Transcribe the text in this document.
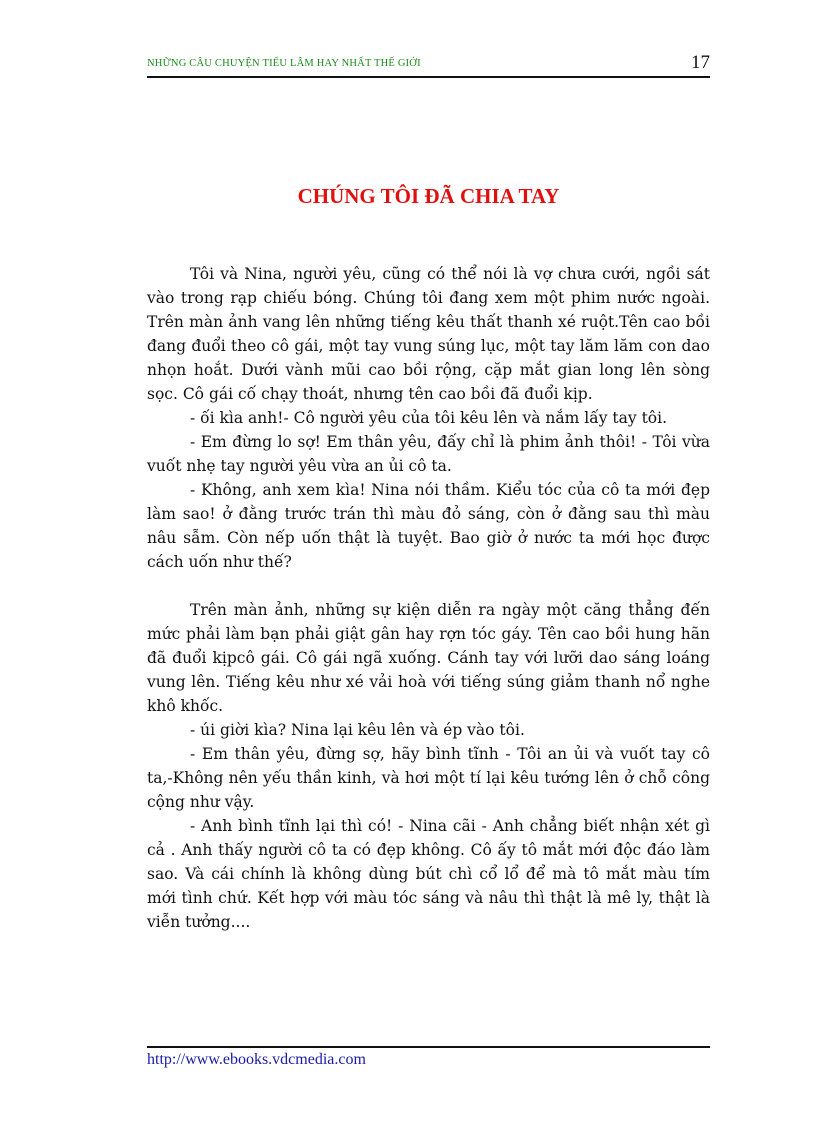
NHỮNG CÂU CHUYỆN TIẾU LÂM HAY NHẤT THẾ GIỚI	17
CHÚNG TÔI ĐÃ CHIA TAY

Tôi và Nina, người yêu, cũng có thể nói là vợ chưa cưới, ngồi sát vào trong rạp chiếu bóng. Chúng tôi đang xem một phim nước ngoài. Trên màn ảnh vang lên những tiếng kêu thất thanh xé ruột.Tên cao bồi đang đuổi theo cô gái, một tay vung súng lục, một tay lăm lăm con dao nhọn hoắt. Dưới vành mũi cao bồi rộng, cặp mắt gian long lên sòng sọc. Cô gái cố chạy thoát, nhưng tên cao bồi đã đuổi kịp.

- ối kìa anh!- Cô người yêu của tôi kêu lên và nắm lấy tay tôi.

- Em đừng lo sợ! Em thân yêu, đấy chỉ là phim ảnh thôi! - Tôi vừa vuốt nhẹ tay người yêu vừa an ủi cô ta.

- Không, anh xem kìa! Nina nói thầm. Kiểu tóc của cô ta mới đẹp làm sao! ở đằng trước trán thì màu đỏ sáng, còn ở đằng sau thì màu nâu sẫm. Còn nếp uốn thật là tuyệt. Bao giờ ở nước ta mới học được cách uốn như thế?

Trên màn ảnh, những sự kiện diễn ra ngày một căng thẳng đến mức phải làm bạn phải giật gân hay rợn tóc gáy. Tên cao bồi hung hãn đã đuổi kịpcô gái. Cô gái ngã xuống. Cánh tay với lưỡi dao sáng loáng vung lên. Tiếng kêu như xé vải hoà với tiếng súng giảm thanh nổ nghe khô khốc.

- úi giời kìa? Nina lại kêu lên và ép vào tôi.

- Em thân yêu, đừng sợ, hãy bình tĩnh - Tôi an ủi và vuốt tay cô ta,-Không nên yếu thần kinh, và hơi một tí lại kêu tướng lên ở chỗ công cộng như vậy.

- Anh bình tĩnh lại thì có! - Nina cãi - Anh chẳng biết nhận xét gì cả . Anh thấy người cô ta có đẹp không. Cô ấy tô mắt mới độc đáo làm sao. Và cái chính là không dùng bút chì cổ lổ để mà tô mắt màu tím mới tình chứ. Kết hợp với màu tóc sáng và nâu thì thật là mê ly, thật là viễn tưởng....

http://www.ebooks.vdcmedia.com
